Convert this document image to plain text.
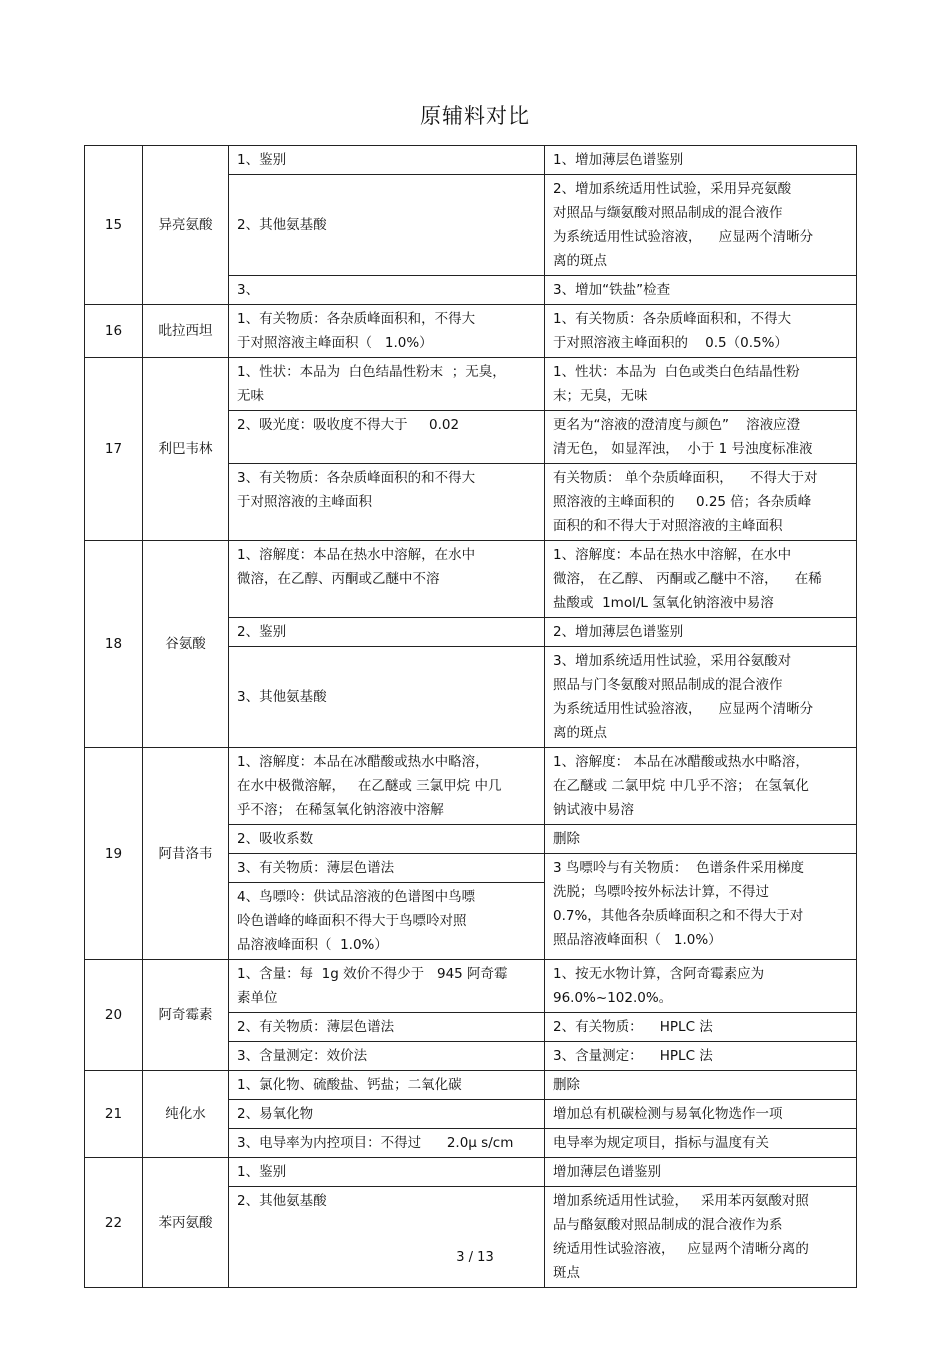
原辅料对比
15	异亮氨酸	1、鉴别	1、增加薄层色谱鉴别

		2、其他氨基酸	2、增加系统适用性试验，采用异亮氨酸
对照品与缬氨酸对照品制成的混合液作
为系统适用性试验溶液，    应显两个清晰分
离的斑点

		3、	3、增加“铁盐”检查

16	吡拉西坦	1、有关物质：各杂质峰面积和，不得大
于对照溶液主峰面积（   1.0%）	1、有关物质：各杂质峰面积和，不得大
于对照溶液主峰面积的    0.5（0.5%）

17	利巴韦林	1、性状：本品为  白色结晶性粉末  ；无臭，
无味	1、性状：本品为  白色或类白色结晶性粉
末；无臭，无味

		2、吸光度：吸收度不得大于     0.02	更名为“溶液的澄清度与颜色”    溶液应澄
清无色， 如显浑浊，  小于 1 号浊度标准液

		3、有关物质：各杂质峰面积的和不得大
于对照溶液的主峰面积	有关物质： 单个杂质峰面积，    不得大于对
照溶液的主峰面积的     0.25 倍；各杂质峰
面积的和不得大于对照溶液的主峰面积

18	谷氨酸	1、溶解度：本品在热水中溶解，在水中
微溶，在乙醇、丙酮或乙醚中不溶	1、溶解度：本品在热水中溶解，在水中
微溶， 在乙醇、 丙酮或乙醚中不溶，    在稀
盐酸或  1mol/L 氢氧化钠溶液中易溶

		2、鉴别	2、增加薄层色谱鉴别

		3、其他氨基酸	3、增加系统适用性试验，采用谷氨酸对
照品与门冬氨酸对照品制成的混合液作
为系统适用性试验溶液，    应显两个清晰分
离的斑点

19	阿昔洛韦	1、溶解度：本品在冰醋酸或热水中略溶，
在水中极微溶解，   在乙醚或 三氯甲烷 中几
乎不溶； 在稀氢氧化钠溶液中溶解	1、溶解度： 本品在冰醋酸或热水中略溶，
在乙醚或 二氯甲烷 中几乎不溶； 在氢氧化
钠试液中易溶

		2、吸收系数	删除

		3、有关物质：薄层色谱法	3 鸟嘌呤与有关物质：  色谱条件采用梯度
洗脱；鸟嘌呤按外标法计算，不得过
0.7%，其他各杂质峰面积之和不得大于对
照品溶液峰面积（   1.0%）

		4、鸟嘌呤：供试品溶液的色谱图中鸟嘌
呤色谱峰的峰面积不得大于鸟嘌呤对照
品溶液峰面积（  1.0%）	

20	阿奇霉素	1、含量：每  1g 效价不得少于   945 阿奇霉
素单位	1、按无水物计算，含阿奇霉素应为
96.0%~102.0%。

		2、有关物质：薄层色谱法	2、有关物质：    HPLC 法

		3、含量测定：效价法	3、含量测定：    HPLC 法

21	纯化水	1、氯化物、硫酸盐、钙盐；二氧化碳	删除

		2、易氧化物	增加总有机碳检测与易氧化物选作一项

		3、电导率为内控项目：不得过      2.0μ s/cm	电导率为规定项目，指标与温度有关

22	苯丙氨酸	1、鉴别	增加薄层色谱鉴别

		2、其他氨基酸	增加系统适用性试验，   采用苯丙氨酸对照
品与酪氨酸对照品制成的混合液作为系
统适用性试验溶液，   应显两个清晰分离的
斑点
3 / 13
